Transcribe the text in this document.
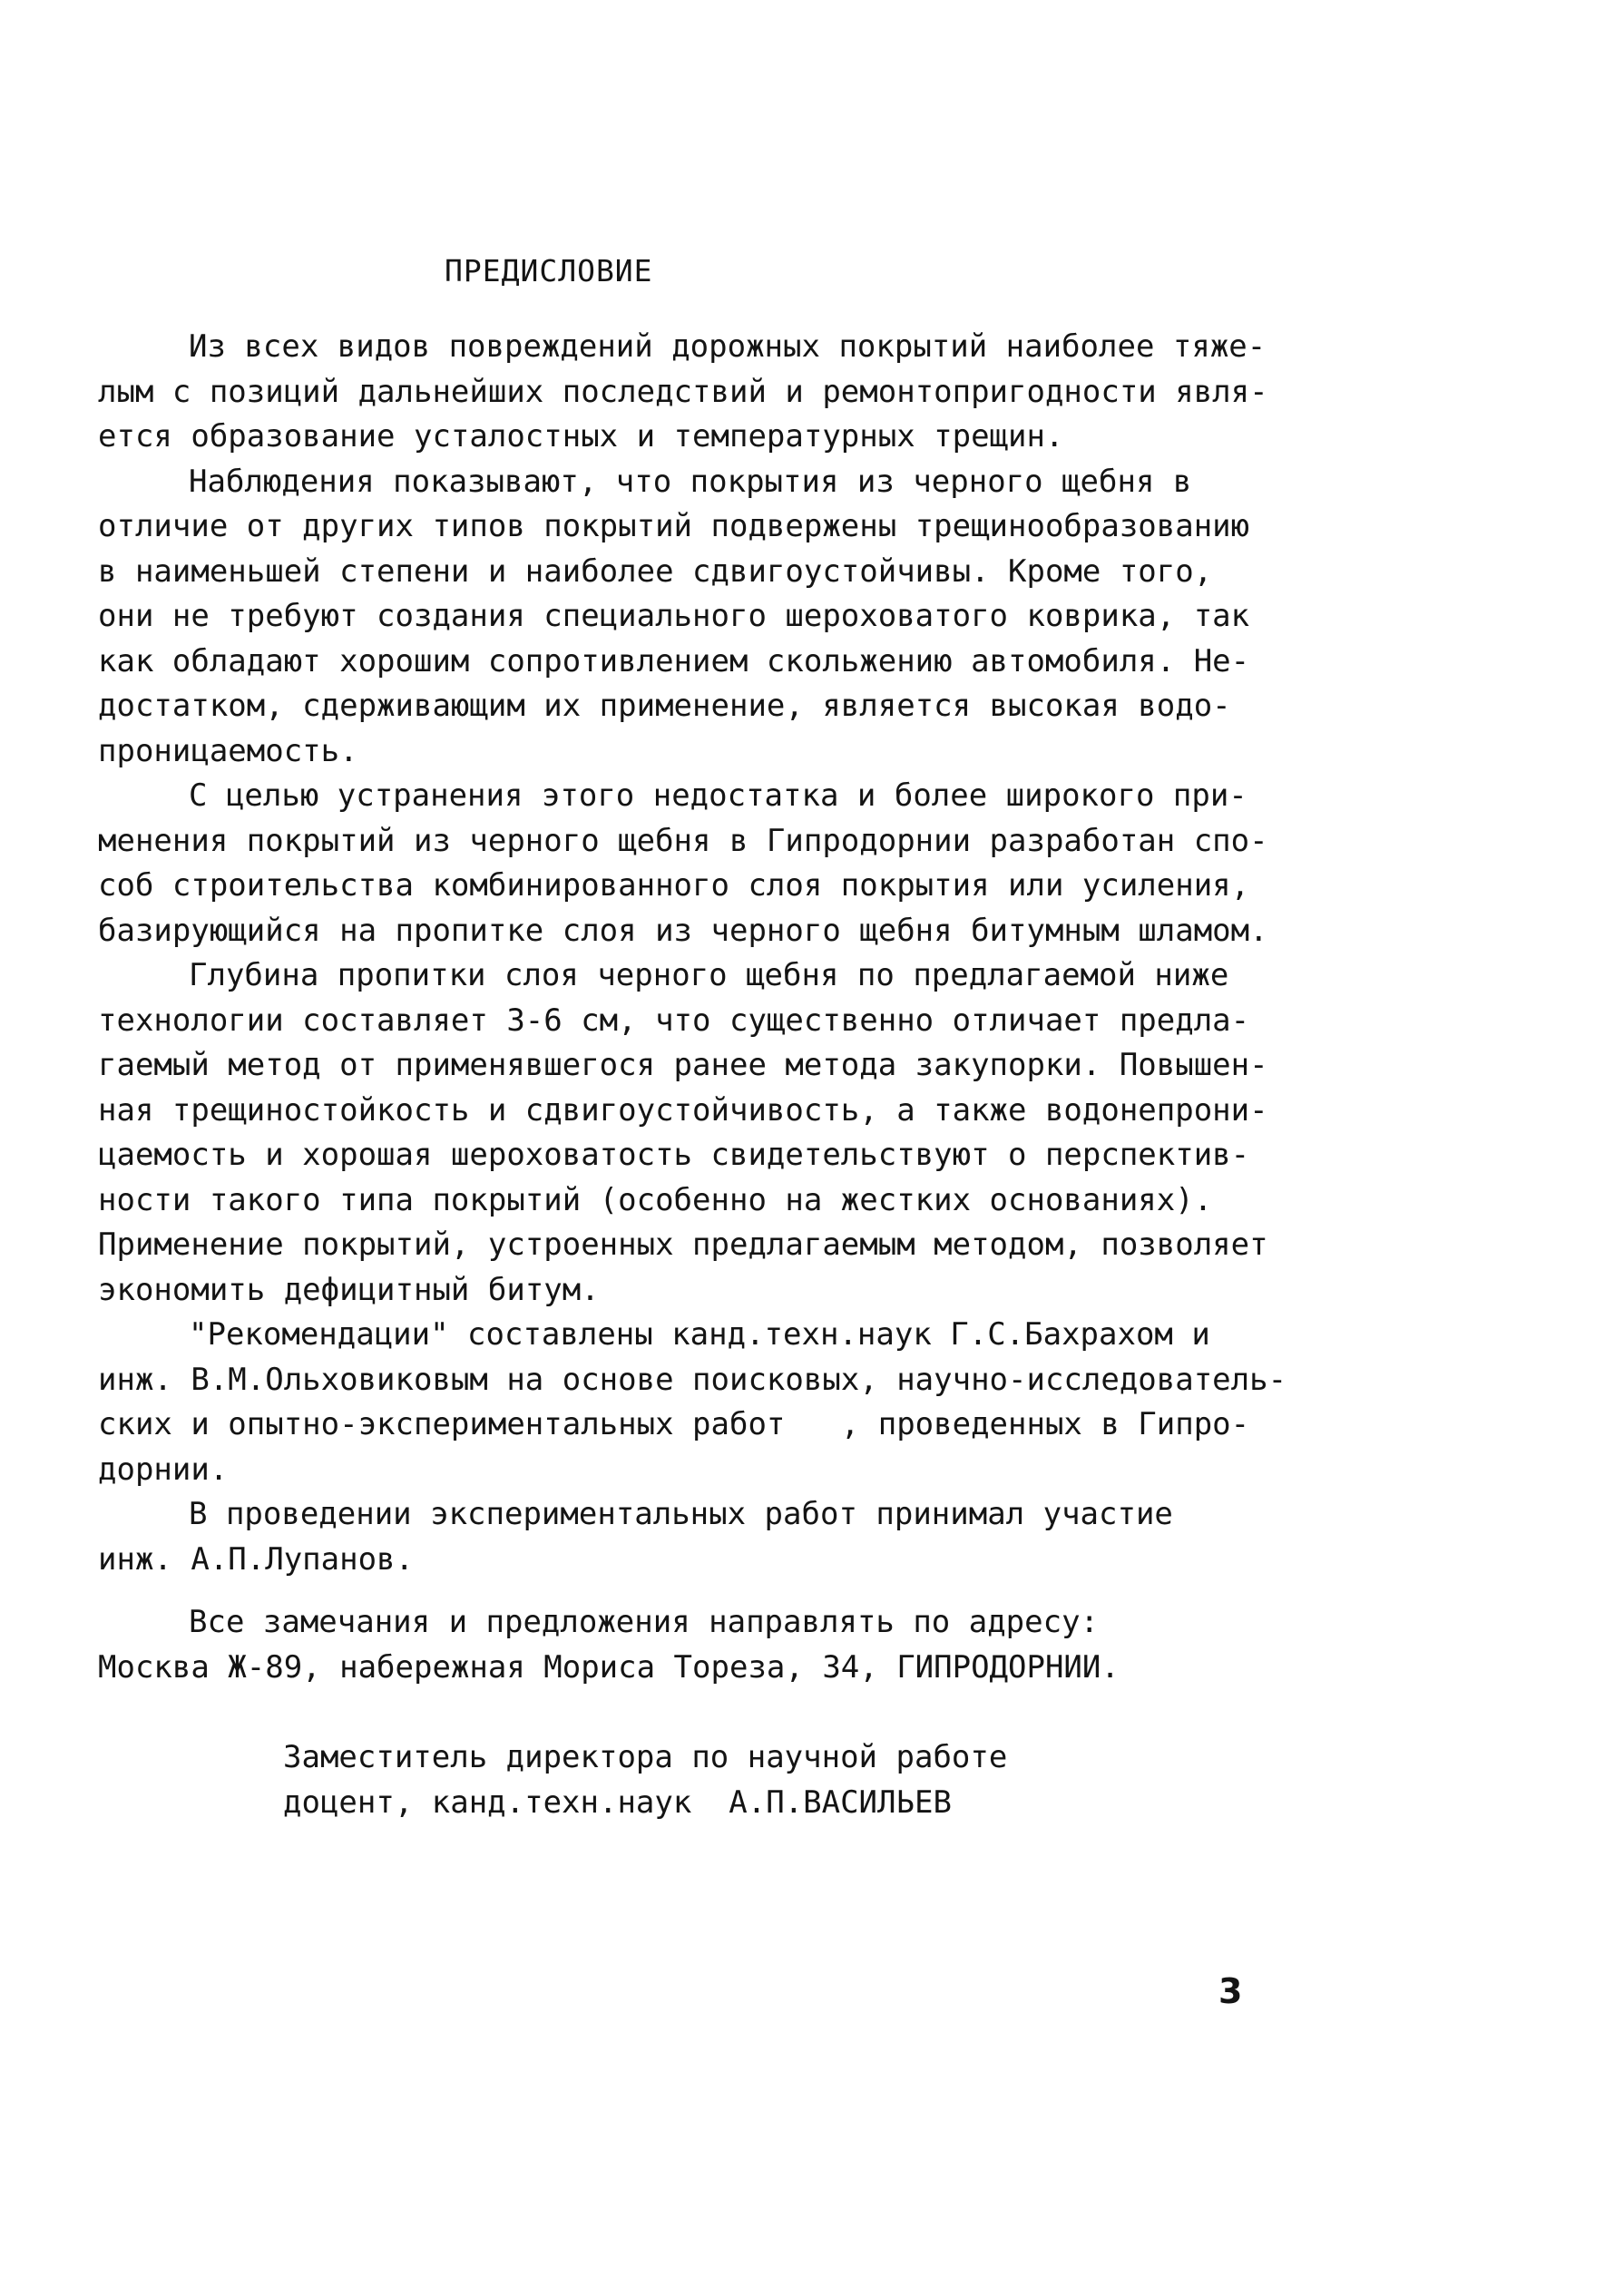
ПРЕДИСЛОВИЕ
Из всех видов повреждений дорожных покрытий наиболее тяже-
лым с позиций дальнейших последствий и ремонтопригодности явля-
ется образование усталостных и температурных трещин.
Наблюдения показывают, что покрытия из черного щебня в
отличие от других типов покрытий подвержены трещинообразованию
в наименьшей степени и наиболее сдвигоустойчивы. Кроме того,
они не требуют создания специального шероховатого коврика, так
как обладают хорошим сопротивлением скольжению автомобиля. Не-
достатком, сдерживающим их применение, является высокая водо-
проницаемость.
С целью устранения этого недостатка и более широкого при-
менения покрытий из черного щебня в Гипродорнии разработан спо-
соб строительства комбинированного слоя покрытия или усиления,
базирующийся на пропитке слоя из черного щебня битумным шламом.
Глубина пропитки слоя черного щебня по предлагаемой ниже
технологии составляет 3-6 см, что существенно отличает предла-
гаемый метод от применявшегося ранее метода закупорки. Повышен-
ная трещиностойкость и сдвигоустойчивость, а также водонепрони-
цаемость и хорошая шероховатость свидетельствуют о перспектив-
ности такого типа покрытий (особенно на жестких основаниях).
Применение покрытий, устроенных предлагаемым методом, позволяет
экономить дефицитный битум.
"Рекомендации" составлены канд.техн.наук Г.С.Бахрахом и
инж. В.М.Ольховиковым на основе поисковых, научно-исследователь-
ских и опытно-экспериментальных работ   , проведенных в Гипро-
дорнии.
В проведении экспериментальных работ принимал участие
инж. А.П.Лупанов.
Все замечания и предложения направлять по адресу:
Москва Ж-89, набережная Мориса Тореза, 34, ГИПРОДОРНИИ.
Заместитель директора по научной работе
доцент, канд.техн.наук  А.П.ВАСИЛЬЕВ
3
